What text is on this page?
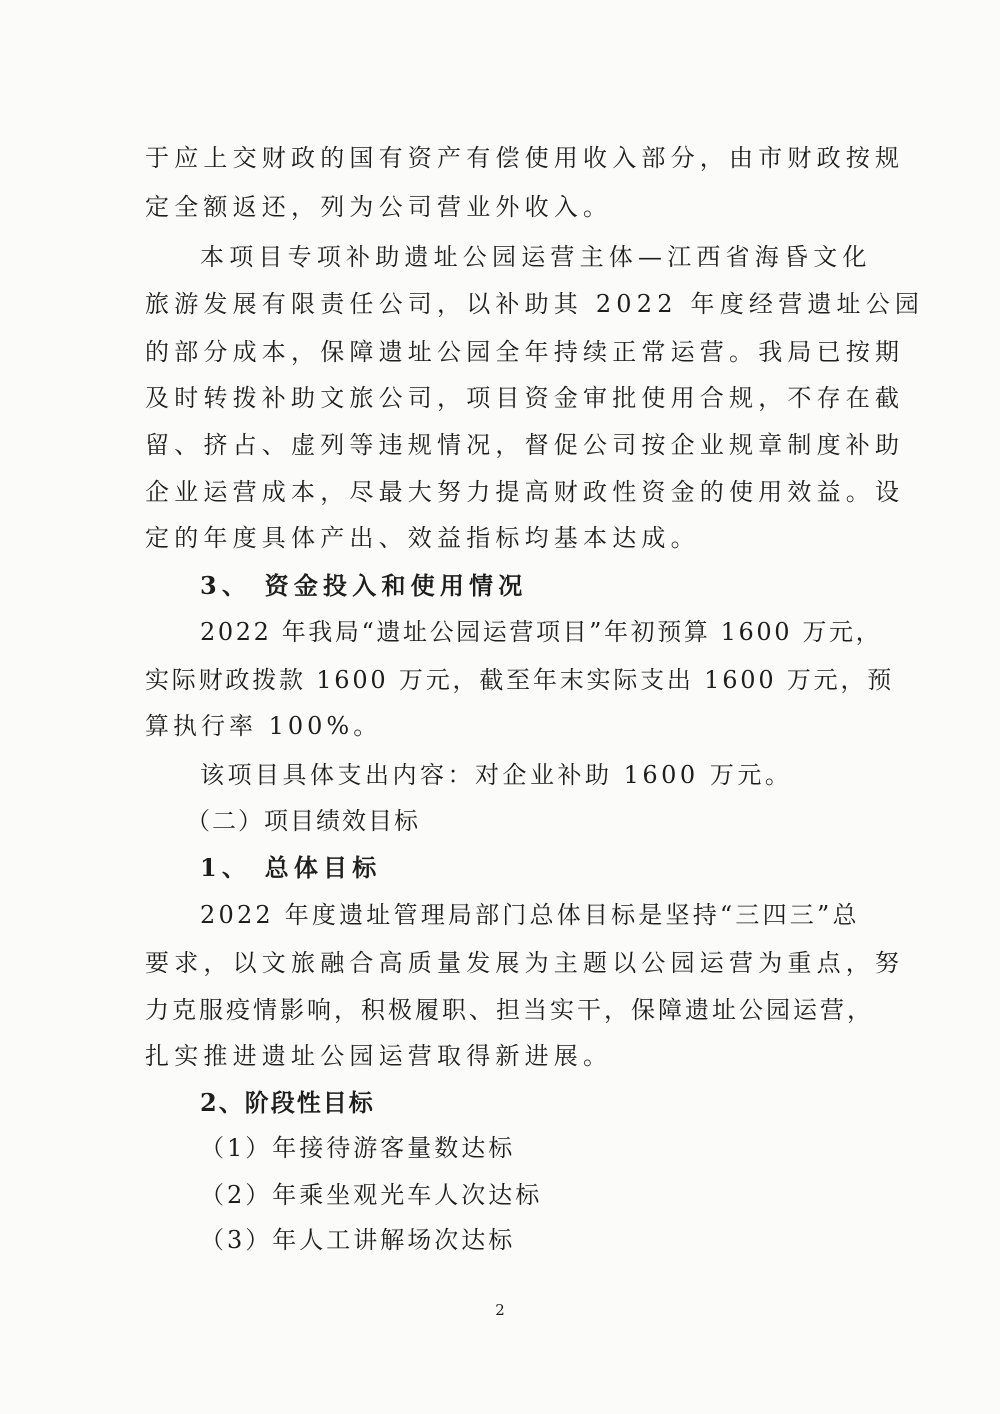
于应上交财政的国有资产有偿使用收入部分，由市财政按规
定全额返还，列为公司营业外收入。
本项目专项补助遗址公园运营主体—江西省海昏文化
旅游发展有限责任公司，以补助其 2022 年度经营遗址公园
的部分成本，保障遗址公园全年持续正常运营。我局已按期
及时转拨补助文旅公司，项目资金审批使用合规，不存在截
留、挤占、虚列等违规情况，督促公司按企业规章制度补助
企业运营成本，尽最大努力提高财政性资金的使用效益。设
定的年度具体产出、效益指标均基本达成。
3、 资金投入和使用情况
2022 年我局“遗址公园运营项目”年初预算 1600 万元，
实际财政拨款 1600 万元，截至年末实际支出 1600 万元，预
算执行率 100%。
该项目具体支出内容：对企业补助 1600 万元。
（二）项目绩效目标
1、 总体目标
2022 年度遗址管理局部门总体目标是坚持“三四三”总
要求，以文旅融合高质量发展为主题以公园运营为重点，努
力克服疫情影响，积极履职、担当实干，保障遗址公园运营，
扎实推进遗址公园运营取得新进展。
2、阶段性目标
（1）年接待游客量数达标
（2）年乘坐观光车人次达标
（3）年人工讲解场次达标
2
